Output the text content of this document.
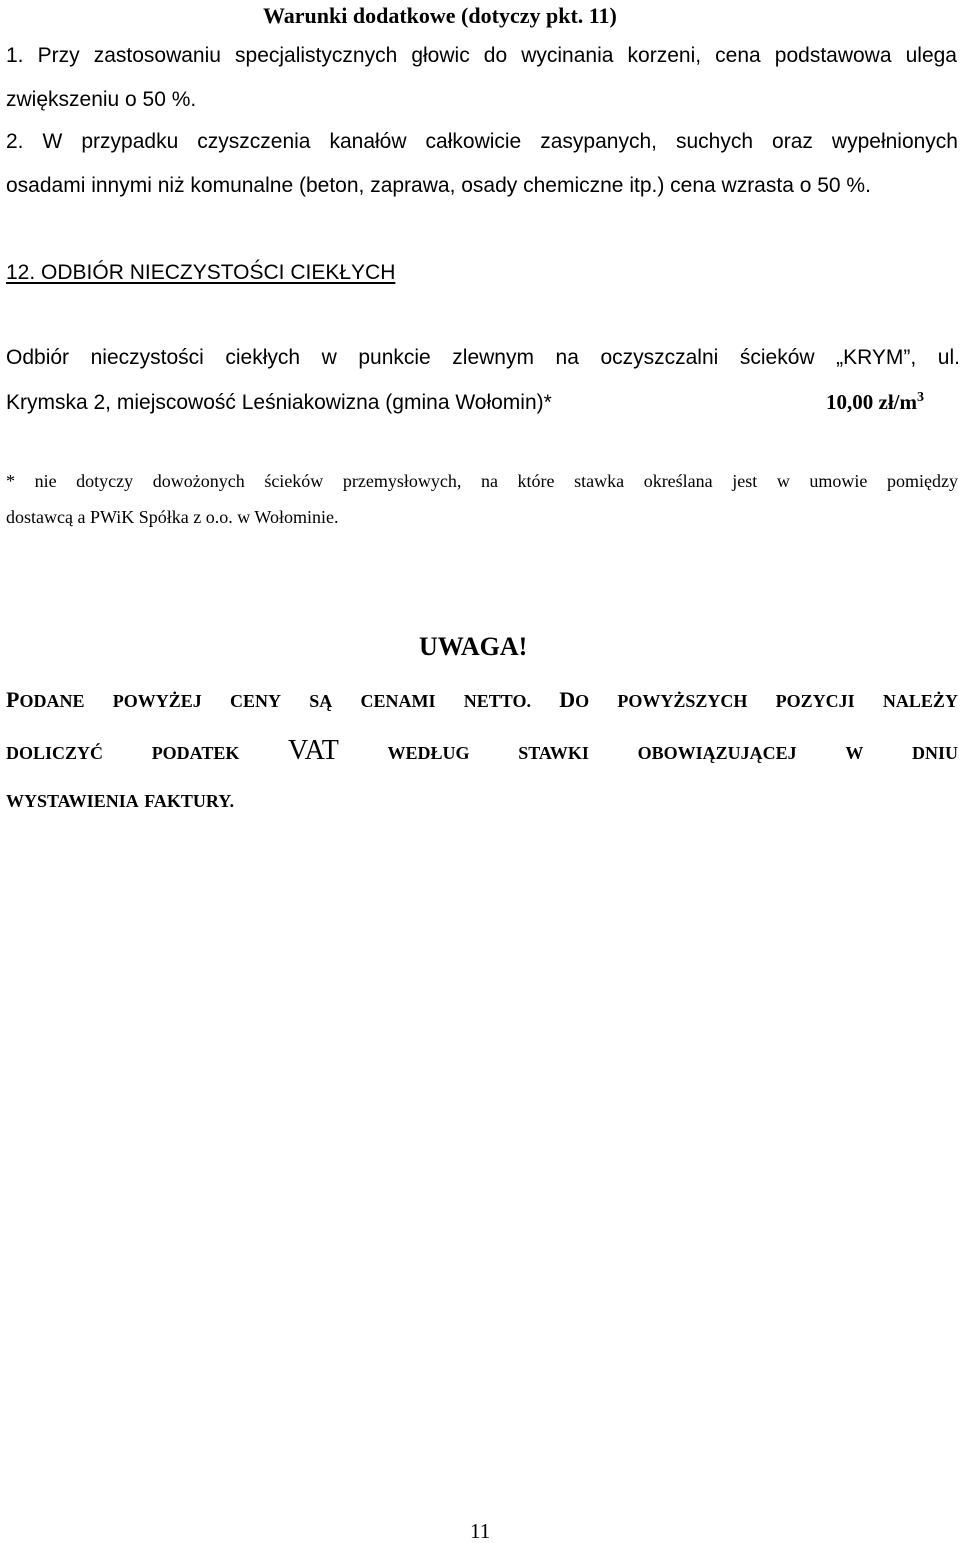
Warunki dodatkowe (dotyczy pkt. 11)
1. Przy zastosowaniu specjalistycznych głowic do wycinania korzeni, cena podstawowa ulega
zwiększeniu o 50 %.
2. W przypadku czyszczenia kanałów całkowicie zasypanych, suchych oraz wypełnionych
osadami innymi niż komunalne (beton, zaprawa, osady chemiczne itp.) cena wzrasta o 50 %.
12. ODBIÓR NIECZYSTOŚCI CIEKŁYCH
Odbiór nieczystości ciekłych w punkcie zlewnym na oczyszczalni ścieków „KRYM”, ul.
Krymska 2, miejscowość Leśniakowizna (gmina Wołomin)*	10,00 $zł/m^3$
* nie dotyczy dowożonych ścieków przemysłowych, na które stawka określana jest w umowie pomiędzy
dostawcą a PWiK Spółka z o.o. w Wołominie.
UWAGA!
PODANE POWYŻEJ CENY SĄ CENAMI NETTO. DO POWYŻSZYCH POZYCJI NALEŻY
DOLICZYĆ	PODATEK VAT	WEDŁUG	STAWKI	OBOWIĄZUJĄCEJ	W	DNIU
WYSTAWIENIA FAKTURY.
11
